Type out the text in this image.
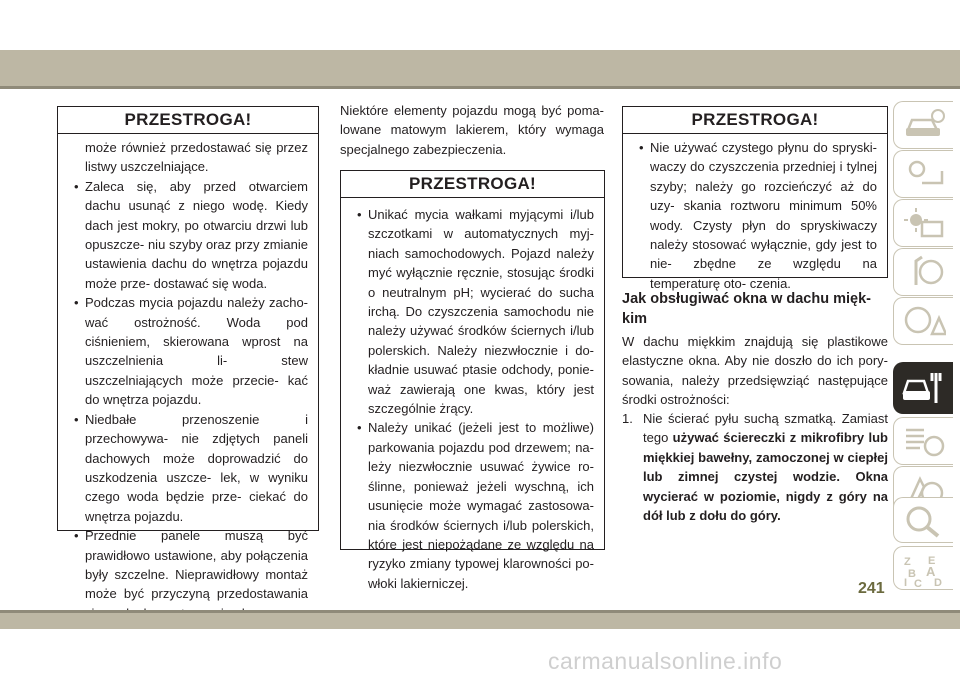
PRZESTROGA!
może również przedostawać się przez listwy uszczelniające.
• Zaleca się, aby przed otwarciem dachu usunąć z niego wodę. Kiedy dach jest mokry, po otwarciu drzwi lub opuszcze- niu szyby oraz przy zmianie ustawienia dachu do wnętrza pojazdu może prze- dostawać się woda.
• Podczas mycia pojazdu należy zacho- wać ostrożność. Woda pod ciśnieniem, skierowana wprost na uszczelnienia li- stew uszczelniających może przecie- kać do wnętrza pojazdu.
• Niedbałe przenoszenie i przechowywa- nie zdjętych paneli dachowych może doprowadzić do uszkodzenia uszcze- lek, w wyniku czego woda będzie prze- ciekać do wnętrza pojazdu.
• Przednie panele muszą być prawidłowo ustawione, aby połączenia były szczelne. Nieprawidłowy montaż może być przyczyną przedostawania
Niektóre elementy pojazdu mogą być poma- lowane matowym lakierem, który wymaga specjalnego zabezpieczenia.
PRZESTROGA!
• Unikać mycia wałkami myjącymi i/lub szczotkami w automatycznych myj- niach samochodowych. Pojazd należy myć wyłącznie ręcznie, stosując środki o neutralnym pH; wycierać do sucha irchą. Do czyszczenia samochodu nie należy używać środków ściernych i/lub polerskich. Należy niezwłocznie i do- kładnie usuwać ptasie odchody, ponie- waż zawierają one kwas, który jest szczególnie żrący.
• Należy unikać (jeżeli jest to możliwe) parkowania pojazdu pod drzewem; na- leży niezwłocznie usuwać żywice ro- ślinne, ponieważ jeżeli wyschną, ich usunięcie może wymagać zastosowa- nia środków ściernych i/lub polerskich, które jest niepożądane ze względu na ryzyko zmiany typowej klarowności po- włoki lakierniczej.
PRZESTROGA!
• Nie używać czystego płynu do spryski- waczy do czyszczenia przedniej i tylnej szyby; należy go rozcieńczyć aż do uzy- skania roztworu minimum 50% wody. Czysty płyn do spryskiwaczy należy stosować wyłącznie, gdy jest to nie- zbędne ze względu na temperaturę oto- czenia.
Jak obsługiwać okna w dachu mięk- kim
W dachu miękkim znajdują się plastikowe elastyczne okna. Aby nie doszło do ich pory- sowania, należy przedsięwziąć następujące środki ostrożności:
1. Nie ścierać pyłu suchą szmatką. Zamiast tego używać ściereczki z mikrofibry lub miękkiej bawełny, zamoczonej w ciepłej lub zimnej czystej wodzie. Okna wycierać w poziomie, nigdy z góry na dół lub z dołu do góry.
Z E
B A
C
I D
241
carmanualsonline.info
